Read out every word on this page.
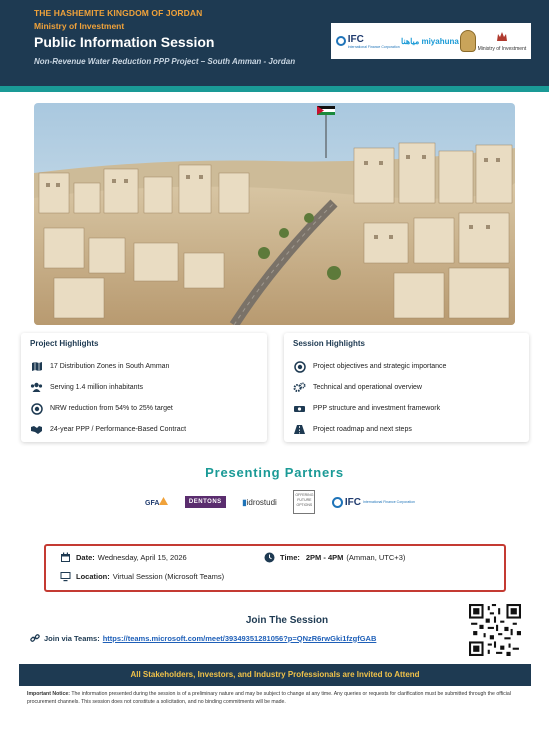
THE HASHEMITE KINGDOM OF JORDAN
Ministry of Investment
Public Information Session
Non-Revenue Water Reduction PPP Project – South Amman - Jordan
IFC
International Finance Corporation
مياهنا miyahuna
Ministry of Investment
Project Highlights
17 Distribution Zones in South Amman
Serving 1.4 million inhabitants
NRW reduction from 54% to 25% target
24-year PPP / Performance-Based Contract
Session Highlights
Project objectives and strategic importance
Technical and operational overview
PPP structure and investment framework
Project roadmap and next steps
Presenting Partners
GFA	DENTONS	▮idrostudi
OFFERING FUTURE OPTIONS	IFC International Finance Corporation
Date: Wednesday, April 15, 2026	Time: 2PM - 4PM (Amman, UTC+3)
Location: Virtual Session (Microsoft Teams)
Join The Session
Join via Teams: https://teams.microsoft.com/meet/39349351281056?p=QNzR6rwGki1fzgfGAB
All Stakeholders, Investors, and Industry Professionals are Invited to Attend
Important Notice: The information presented during the session is of a preliminary nature and may be subject to change at any time. Any queries or requests for clarification must be submitted through the official procurement channels. This session does not constitute a solicitation, and no binding commitments will be made.
